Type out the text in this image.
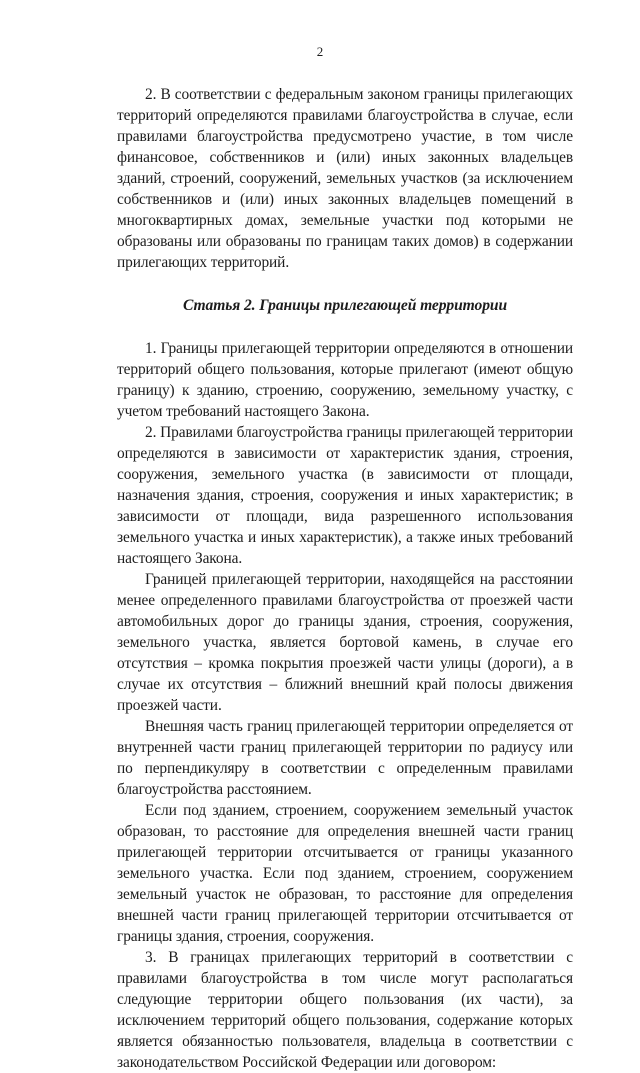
2

2. В соответствии с федеральным законом границы прилегающих территорий определяются правилами благоустройства в случае, если правилами благоустройства предусмотрено участие, в том числе финансовое, собственников и (или) иных законных владельцев зданий, строений, сооружений, земельных участков (за исключением собственников и (или) иных законных владельцев помещений в многоквартирных домах, земельные участки под которыми не образованы или образованы по границам таких домов) в содержании прилегающих территорий.

Статья 2. Границы прилегающей территории

1. Границы прилегающей территории определяются в отношении территорий общего пользования, которые прилегают (имеют общую границу) к зданию, строению, сооружению, земельному участку, с учетом требований настоящего Закона.

2. Правилами благоустройства границы прилегающей территории определяются в зависимости от характеристик здания, строения, сооружения, земельного участка (в зависимости от площади, назначения здания, строения, сооружения и иных характеристик; в зависимости от площади, вида разрешенного использования земельного участка и иных характеристик), а также иных требований настоящего Закона.

Границей прилегающей территории, находящейся на расстоянии менее определенного правилами благоустройства от проезжей части автомобильных дорог до границы здания, строения, сооружения, земельного участка, является бортовой камень, в случае его отсутствия – кромка покрытия проезжей части улицы (дороги), а в случае их отсутствия – ближний внешний край полосы движения проезжей части.

Внешняя часть границ прилегающей территории определяется от внутренней части границ прилегающей территории по радиусу или по перпендикуляру в соответствии с определенным правилами благоустройства расстоянием.

Если под зданием, строением, сооружением земельный участок образован, то расстояние для определения внешней части границ прилегающей территории отсчитывается от границы указанного земельного участка. Если под зданием, строением, сооружением земельный участок не образован, то расстояние для определения внешней части границ прилегающей территории отсчитывается от границы здания, строения, сооружения.

3. В границах прилегающих территорий в соответствии с правилами благоустройства в том числе могут располагаться следующие территории общего пользования (их части), за исключением территорий общего пользования, содержание которых является обязанностью пользователя, владельца в соответствии с законодательством Российской Федерации или договором:
